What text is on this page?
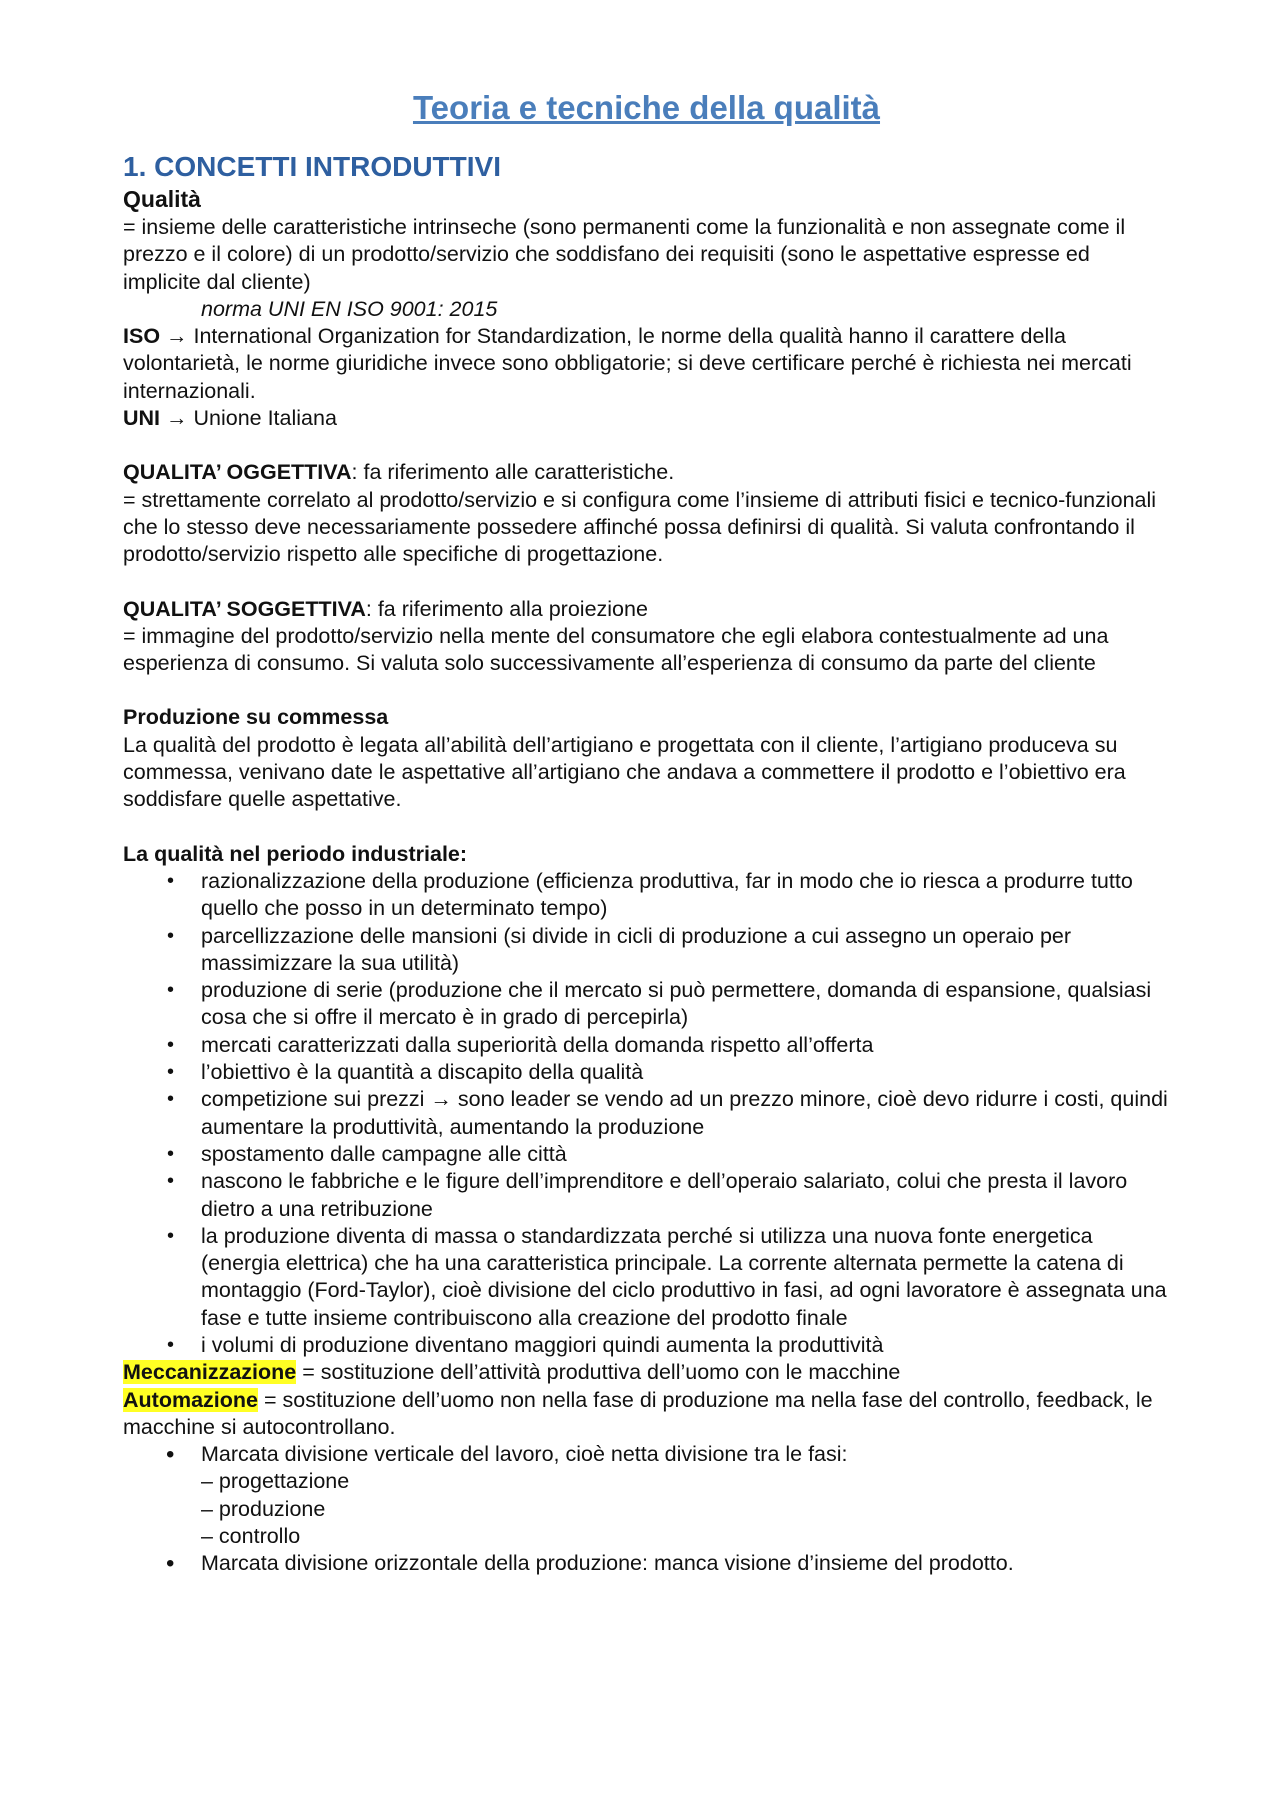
Teoria e tecniche della qualità
1. CONCETTI INTRODUTTIVI
Qualità

= insieme delle caratteristiche intrinseche (sono permanenti come la funzionalità e non assegnate come il prezzo e il colore) di un prodotto/servizio che soddisfano dei requisiti (sono le aspettative espresse ed implicite dal cliente)

norma UNI EN ISO 9001: 2015

ISO → International Organization for Standardization, le norme della qualità hanno il carattere della volontarietà, le norme giuridiche invece sono obbligatorie; si deve certificare perché è richiesta nei mercati internazionali.

UNI → Unione Italiana

QUALITA’ OGGETTIVA: fa riferimento alle caratteristiche.

= strettamente correlato al prodotto/servizio e si configura come l’insieme di attributi fisici e tecnico-funzionali che lo stesso deve necessariamente possedere affinché possa definirsi di qualità. Si valuta confrontando il prodotto/servizio rispetto alle specifiche di progettazione.

QUALITA’ SOGGETTIVA: fa riferimento alla proiezione

= immagine del prodotto/servizio nella mente del consumatore che egli elabora contestualmente ad una esperienza di consumo. Si valuta solo successivamente all’esperienza di consumo da parte del cliente

Produzione su commessa

La qualità del prodotto è legata all’abilità dell’artigiano e progettata con il cliente, l’artigiano produceva su commessa, venivano date le aspettative all’artigiano che andava a commettere il prodotto e l’obiettivo era soddisfare quelle aspettative.

La qualità nel periodo industriale:

• razionalizzazione della produzione (efficienza produttiva, far in modo che io riesca a produrre tutto quello che posso in un determinato tempo)
• parcellizzazione delle mansioni (si divide in cicli di produzione a cui assegno un operaio per massimizzare la sua utilità)
• produzione di serie (produzione che il mercato si può permettere, domanda di espansione, qualsiasi cosa che si offre il mercato è in grado di percepirla)
• mercati caratterizzati dalla superiorità della domanda rispetto all’offerta
• l’obiettivo è la quantità a discapito della qualità
• competizione sui prezzi → sono leader se vendo ad un prezzo minore, cioè devo ridurre i costi, quindi aumentare la produttività, aumentando la produzione
• spostamento dalle campagne alle città
• nascono le fabbriche e le figure dell’imprenditore e dell’operaio salariato, colui che presta il lavoro dietro a una retribuzione
• la produzione diventa di massa o standardizzata perché si utilizza una nuova fonte energetica (energia elettrica) che ha una caratteristica principale. La corrente alternata permette la catena di montaggio (Ford-Taylor), cioè divisione del ciclo produttivo in fasi, ad ogni lavoratore è assegnata una fase e tutte insieme contribuiscono alla creazione del prodotto finale
• i volumi di produzione diventano maggiori quindi aumenta la produttività

Meccanizzazione = sostituzione dell’attività produttiva dell’uomo con le macchine

Automazione = sostituzione dell’uomo non nella fase di produzione ma nella fase del controllo, feedback, le macchine si autocontrollano.

• Marcata divisione verticale del lavoro, cioè netta divisione tra le fasi:
– progettazione
– produzione
– controllo
• Marcata divisione orizzontale della produzione: manca visione d’insieme del prodotto.
